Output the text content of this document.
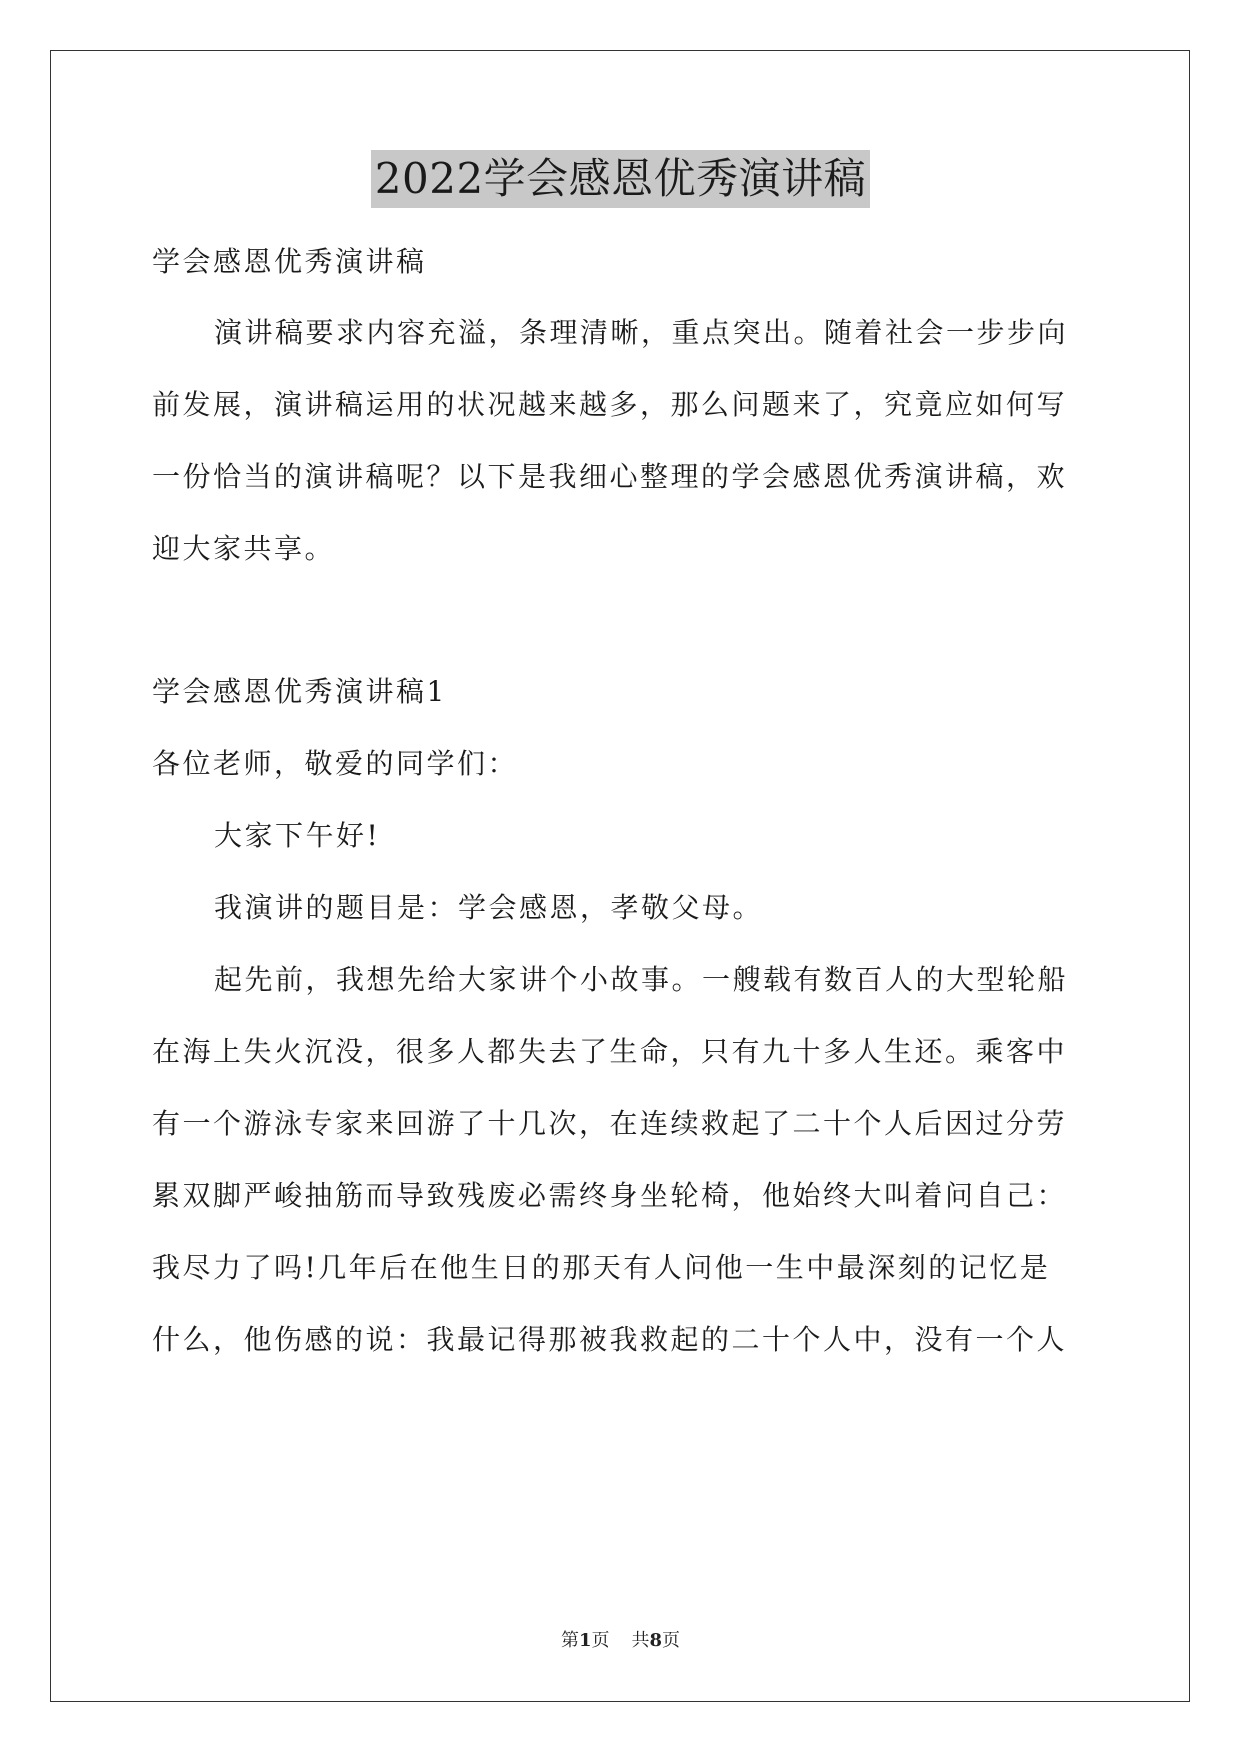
2022学会感恩优秀演讲稿
学会感恩优秀演讲稿
演讲稿要求内容充溢，条理清晰，重点突出。随着社会一步步向
前发展，演讲稿运用的状况越来越多，那么问题来了，究竟应如何写
一份恰当的演讲稿呢？以下是我细心整理的学会感恩优秀演讲稿，欢
迎大家共享。
学会感恩优秀演讲稿1
各位老师，敬爱的同学们：
大家下午好!
我演讲的题目是：学会感恩，孝敬父母。
起先前，我想先给大家讲个小故事。一艘载有数百人的大型轮船
在海上失火沉没，很多人都失去了生命，只有九十多人生还。乘客中
有一个游泳专家来回游了十几次，在连续救起了二十个人后因过分劳
累双脚严峻抽筋而导致残废必需终身坐轮椅，他始终大叫着问自己：
我尽力了吗!几年后在他生日的那天有人问他一生中最深刻的记忆是
什么，他伤感的说：我最记得那被我救起的二十个人中，没有一个人
第1页 共8页
